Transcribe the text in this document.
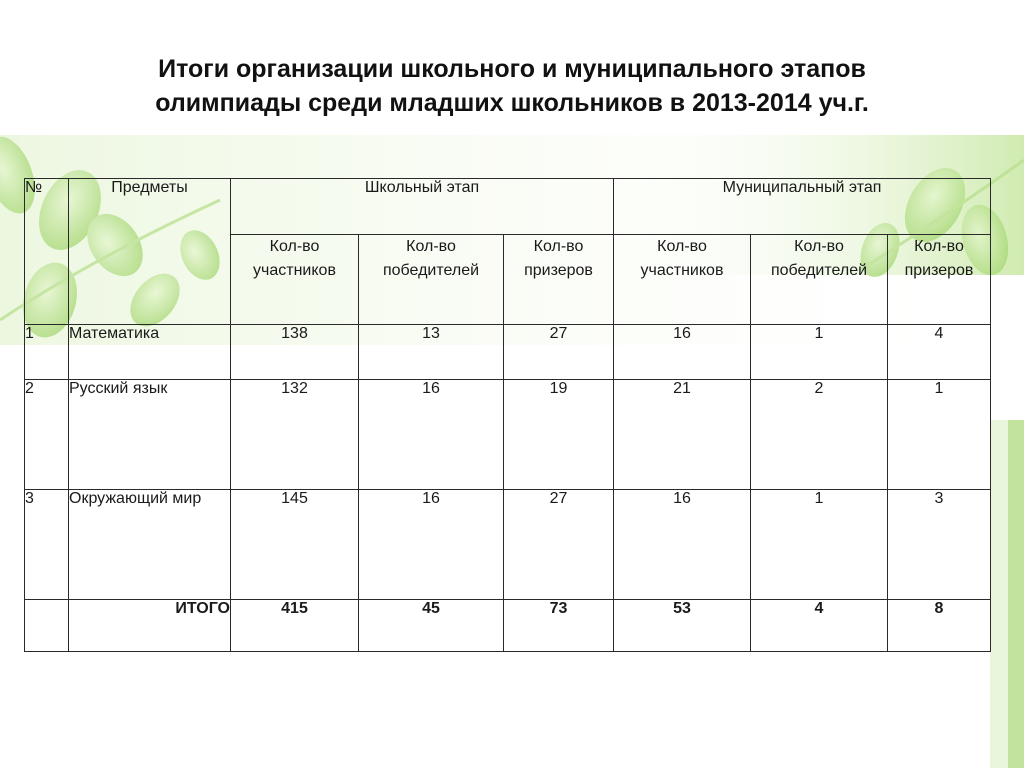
Итоги организации школьного и муниципального этапов
олимпиады среди младших школьников в 2013-2014 уч.г.
№	Предметы	Школьный этап			Муниципальный этап		
		Кол-во участников	Кол-во победителей	Кол-во призеров	Кол-во участников	Кол-во победителей	Кол-во призеров
1	Математика	138	13	27	16	1	4
2	Русский язык	132	16	19	21	2	1
3	Окружающий мир	145	16	27	16	1	3
	ИТОГО	415	45	73	53	4	8
